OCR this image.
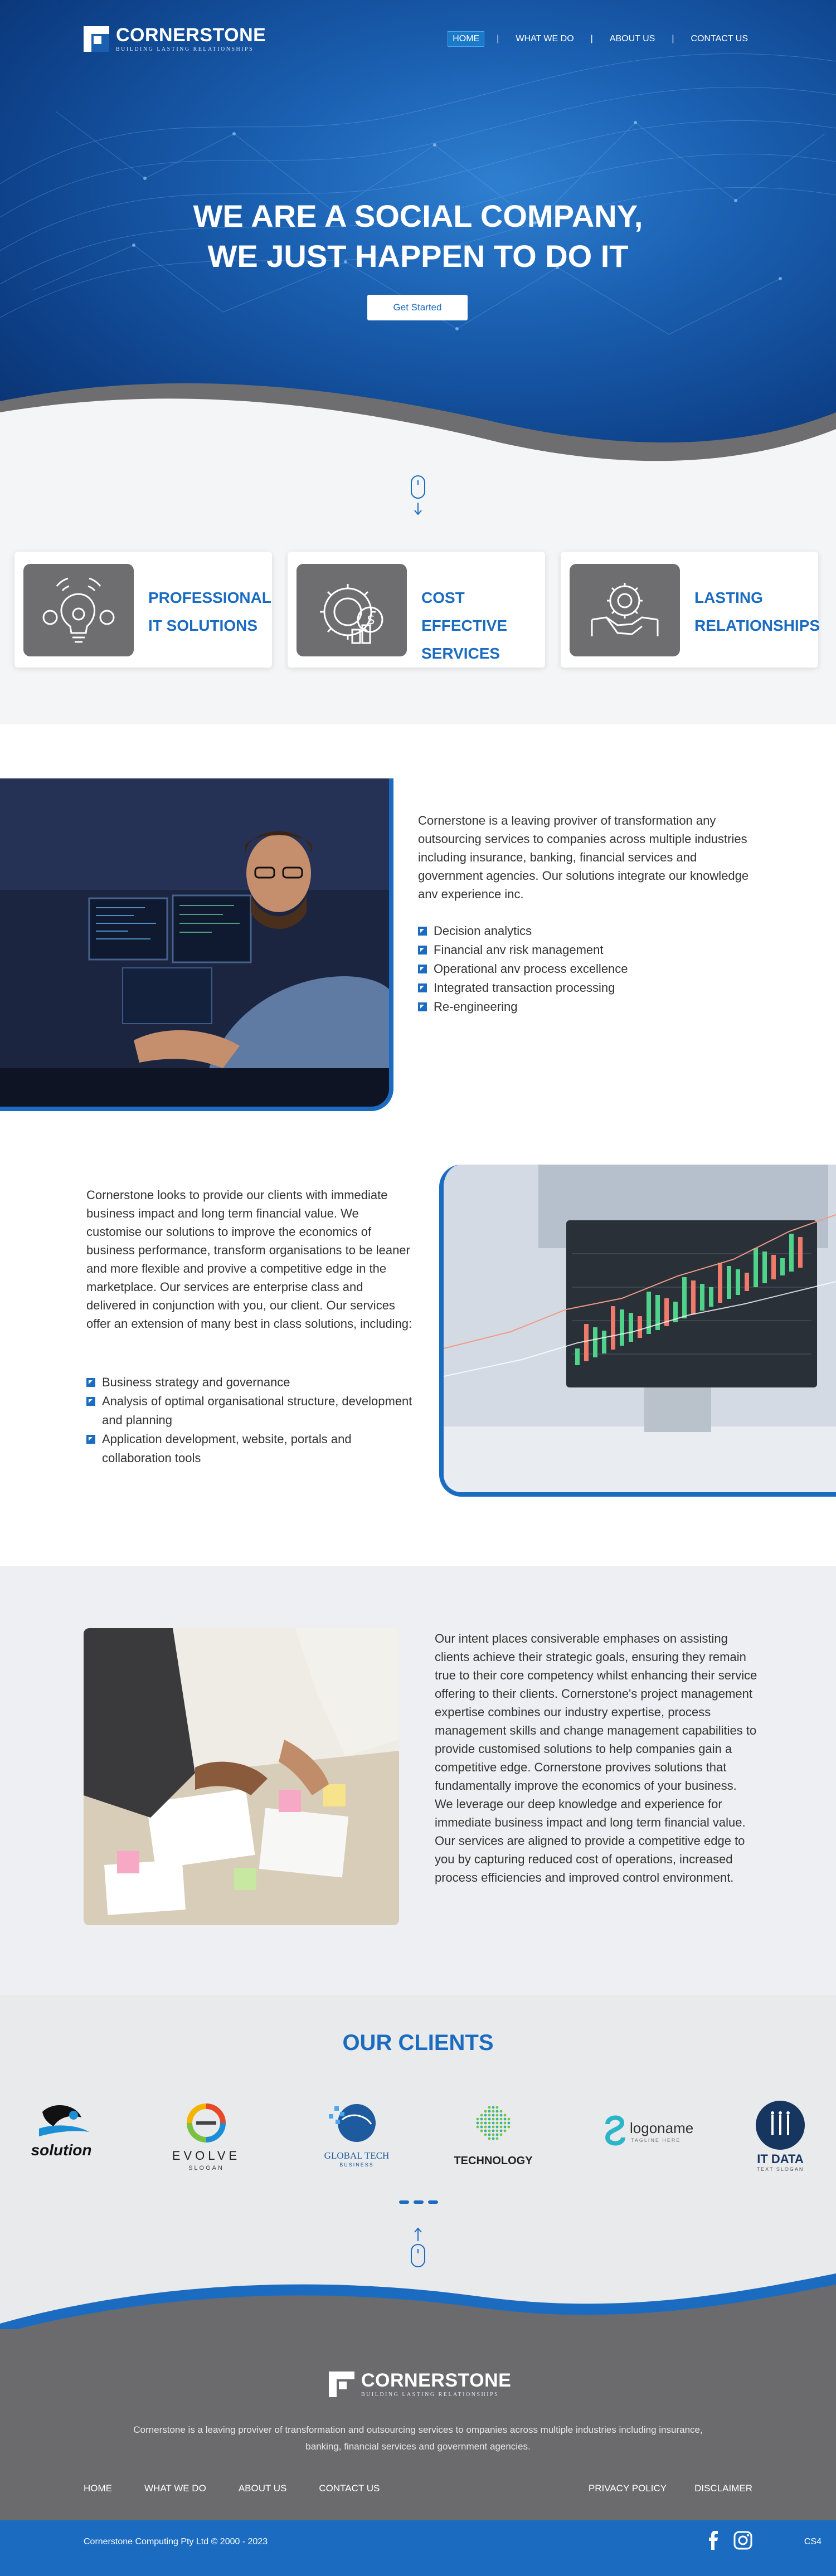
CORNERSTONE
BUILDING LASTING RELATIONSHIPS
HOME	|	WHAT WE DO	|	ABOUT US	|	CONTACT US
WE ARE A SOCIAL COMPANY,
WE JUST HAPPEN TO DO IT
Get Started
PROFESSIONAL
IT SOLUTIONS	$
COST EFFECTIVE
SERVICES
LASTING
RELATIONSHIPS
Cornerstone is a leaving proviver of transformation any outsourcing services to companies across multiple industries including insurance, banking, financial services and government agencies. Our solutions integrate our knowledge anv experience inc.
Decision analytics
Financial anv risk management
Operational anv process excellence
Integrated transaction processing
Re-engineering
Cornerstone looks to provide our clients with immediate business impact and long term financial value. We customise our solutions to improve the economics of business performance, transform organisations to be leaner and more flexible and provive a competitive edge in the marketplace. Our services are enterprise class and delivered in conjunction with you, our client. Our services offer an extension of many best in class solutions, including:
Business strategy and governance
Analysis of optimal organisational structure, development and planning
Application development, website, portals and collaboration tools
Our intent places consiverable emphases on assisting clients achieve their strategic goals, ensuring they remain true to their core competency whilst enhancing their service offering to their clients. Cornerstone's project management expertise combines our industry expertise, process management skills and change management capabilities to provide customised solutions to help companies gain a competitive edge. Cornerstone provives solutions that fundamentally improve the economics of your business. We leverage our deep knowledge and experience for immediate business impact and long term financial value. Our services are aligned to provide a competitive edge to you by capturing reduced cost of operations, increased process efficiencies and improved control environment.
OUR CLIENTS
solution	EVOLVE
SLOGAN
GLOBAL TECH
BUSINESS	TECHNOLOGY
logoname
TAGLINE HERE
IT DATA
TEXT SLOGAN
CORNERSTONE
BUILDING LASTING RELATIONSHIPS
Cornerstone is a leaving proviver of transformation and outsourcing services to ompanies across multiple industries including insurance, banking, financial services and government agencies.
HOME	WHAT WE DO	ABOUT US	CONTACT US	PRIVACY POLICY	DISCLAIMER
Cornerstone Computing Pty Ltd © 2000 - 2023	CS4
